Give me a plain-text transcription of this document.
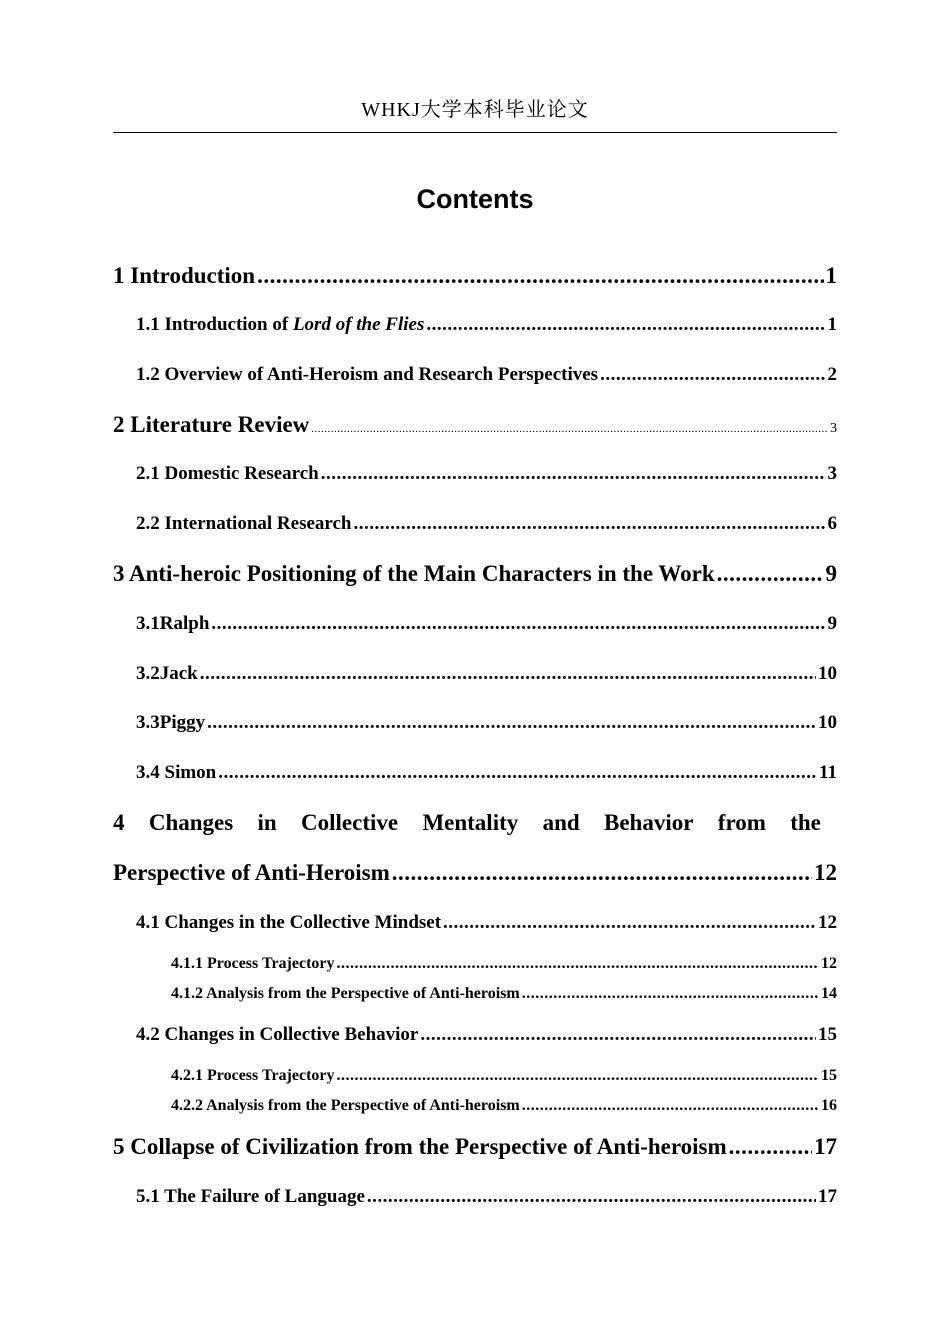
WHKJ大学本科毕业论文
Contents
1 Introduction .....	1
1.1 Introduction of Lord of the Flies .....	1
1.2 Overview of Anti-Heroism and Research Perspectives .....	2
2 Literature Review .....	3
2.1 Domestic Research .....	3
2.2 International Research .....	6
3 Anti-heroic Positioning of the Main Characters in the Work .....	9
3.1Ralph .....	9
3.2Jack .....	10
3.3Piggy .....	10
3.4 Simon .....	11
4 Changes in Collective Mentality and Behavior from the
Perspective of Anti-Heroism .....	12
4.1 Changes in the Collective Mindset .....	12
4.1.1 Process Trajectory .....	12
4.1.2 Analysis from the Perspective of Anti-heroism .....	14
4.2 Changes in Collective Behavior .....	15
4.2.1 Process Trajectory .....	15
4.2.2 Analysis from the Perspective of Anti-heroism .....	16
5 Collapse of Civilization from the Perspective of Anti-heroism .....	17
5.1 The Failure of Language .....	17
